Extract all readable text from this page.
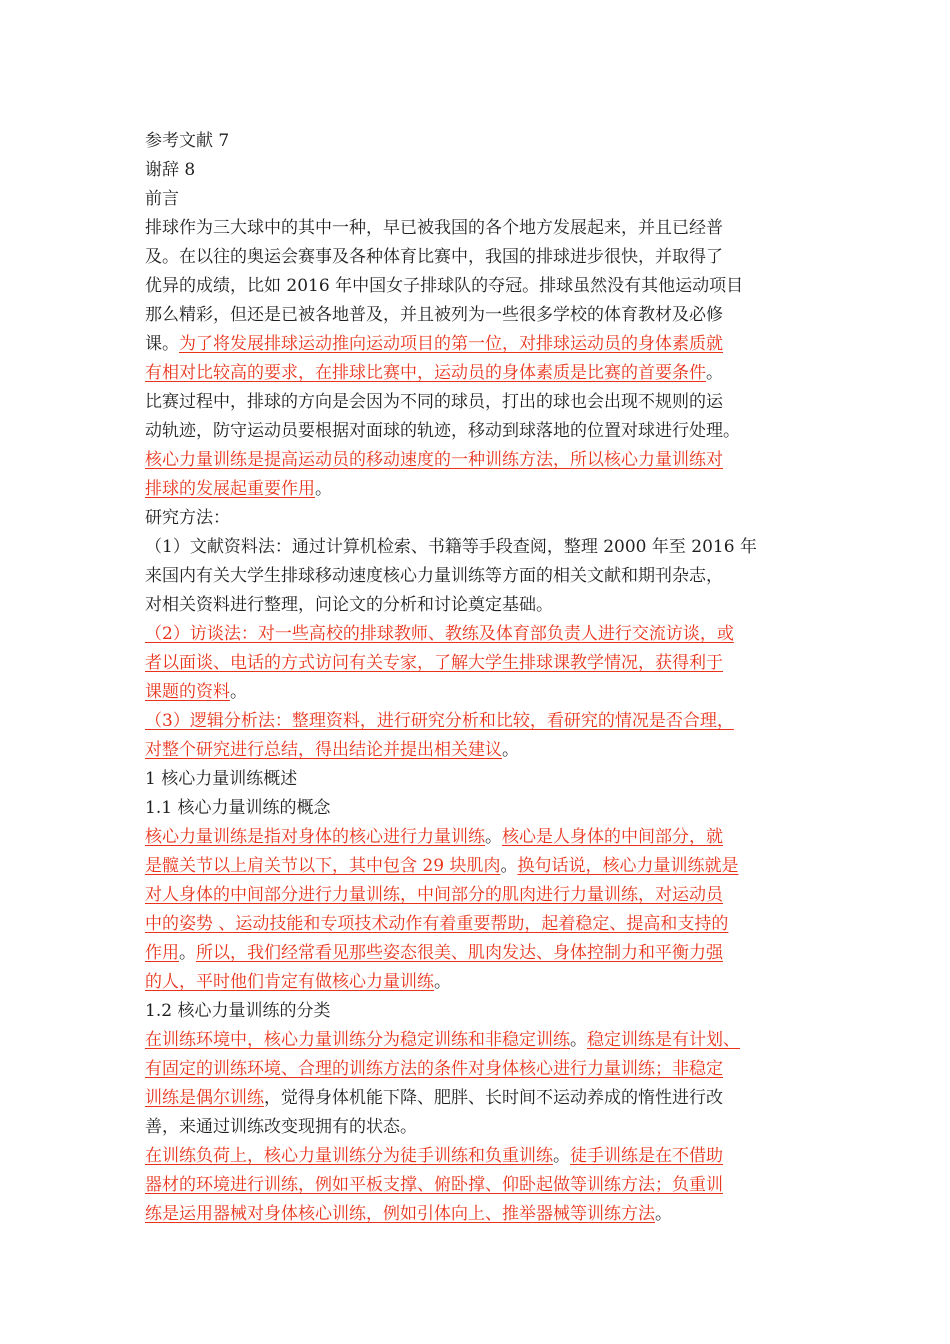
参考文献 7
谢辞 8
前言
排球作为三大球中的其中一种，早已被我国的各个地方发展起来，并且已经普
及。在以往的奥运会赛事及各种体育比赛中，我国的排球进步很快，并取得了
优异的成绩，比如 2016 年中国女子排球队的夺冠。排球虽然没有其他运动项目
那么精彩，但还是已被各地普及，并且被列为一些很多学校的体育教材及必修
课。为了将发展排球运动推向运动项目的第一位，对排球运动员的身体素质就
有相对比较高的要求，在排球比赛中，运动员的身体素质是比赛的首要条件。
比赛过程中，排球的方向是会因为不同的球员，打出的球也会出现不规则的运
动轨迹，防守运动员要根据对面球的轨迹，移动到球落地的位置对球进行处理。
核心力量训练是提高运动员的移动速度的一种训练方法，所以核心力量训练对
排球的发展起重要作用。
研究方法：
（1）文献资料法：通过计算机检索、书籍等手段查阅，整理 2000 年至 2016 年
来国内有关大学生排球移动速度核心力量训练等方面的相关文献和期刊杂志，
对相关资料进行整理，问论文的分析和讨论奠定基础。
（2）访谈法：对一些高校的排球教师、教练及体育部负责人进行交流访谈，或
者以面谈、电话的方式访问有关专家，了解大学生排球课教学情况，获得利于
课题的资料。
（3）逻辑分析法：整理资料，进行研究分析和比较，看研究的情况是否合理，
对整个研究进行总结，得出结论并提出相关建议。
1 核心力量训练概述
1.1 核心力量训练的概念
核心力量训练是指对身体的核心进行力量训练。核心是人身体的中间部分，就
是髋关节以上肩关节以下，其中包含 29 块肌肉。换句话说，核心力量训练就是
对人身体的中间部分进行力量训练，中间部分的肌肉进行力量训练，对运动员
中的姿势 、运动技能和专项技术动作有着重要帮助，起着稳定、提高和支持的
作用。所以，我们经常看见那些姿态很美、肌肉发达、身体控制力和平衡力强
的人，平时他们肯定有做核心力量训练。
1.2 核心力量训练的分类
在训练环境中，核心力量训练分为稳定训练和非稳定训练。稳定训练是有计划、
有固定的训练环境、合理的训练方法的条件对身体核心进行力量训练；非稳定
训练是偶尔训练，觉得身体机能下降、肥胖、长时间不运动养成的惰性进行改
善，来通过训练改变现拥有的状态。
在训练负荷上，核心力量训练分为徒手训练和负重训练。徒手训练是在不借助
器材的环境进行训练，例如平板支撑、俯卧撑、仰卧起做等训练方法；负重训
练是运用器械对身体核心训练，例如引体向上、推举器械等训练方法。
